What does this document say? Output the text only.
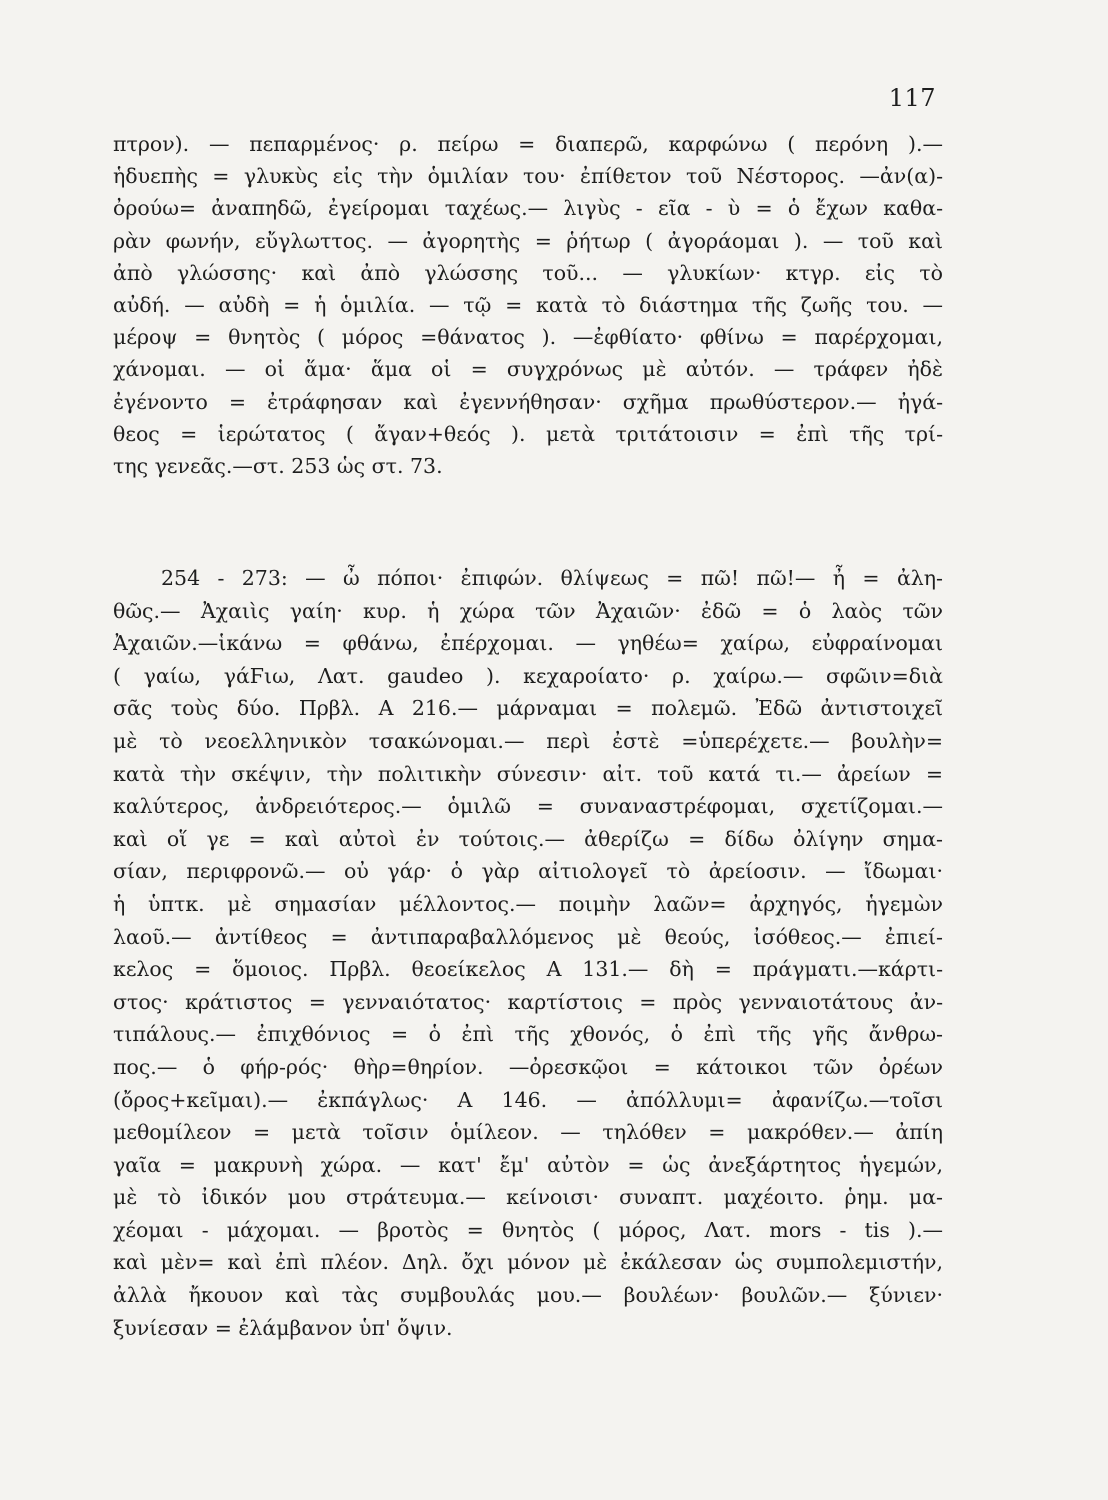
117
πτρον). — πεπαρμένος· ρ. πείρω = διαπερῶ, καρφώνω ( περόνη ).—
ἡδυεπὴς = γλυκὺς εἰς τὴν ὁμιλίαν του· ἐπίθετον τοῦ Νέστορος. —ἀν(α)-
ὀρούω= ἀναπηδῶ, ἐγείρομαι ταχέως.— λιγὺς - εῖα - ὺ = ὁ ἔχων καθα-
ρὰν φωνήν, εὔγλωττος. — ἀγορητὴς = ῥήτωρ ( ἀγοράομαι ). — τοῦ καὶ
ἀπὸ γλώσσης· καὶ ἀπὸ γλώσσης τοῦ... — γλυκίων· κτγρ. εἰς τὸ
αὐδή. — αὐδὴ = ἡ ὁμιλία. — τῷ = κατὰ τὸ διάστημα τῆς ζωῆς του. —
μέροψ = θνητὸς ( μόρος =θάνατος ). —ἐφθίατο· φθίνω = παρέρχομαι,
χάνομαι. — οἱ ἅμα· ἅμα οἱ = συγχρόνως μὲ αὐτόν. — τράφεν ἠδὲ
ἐγένοντο = ἐτράφησαν καὶ ἐγεννήθησαν· σχῆμα πρωθύστερον.— ἠγά-
θεος = ἱερώτατος ( ἄγαν+θεός ). μετὰ τριτάτοισιν = ἐπὶ τῆς τρί-
της γενεᾶς.—στ. 253 ὡς στ. 73.
254 - 273: — ὦ πόποι· ἐπιφών. θλίψεως = πῶ! πῶ!— ἦ = ἀλη-
θῶς.— Ἀχαιὶς γαίη· κυρ. ἡ χώρα τῶν Ἀχαιῶν· ἐδῶ = ὁ λαὸς τῶν
Ἀχαιῶν.—ἱκάνω = φθάνω, ἐπέρχομαι. — γηθέω= χαίρω, εὐφραίνομαι
( γαίω, γάϜιω, Λατ. gaudeo ). κεχαροίατο· ρ. χαίρω.— σφῶιν=διὰ
σᾶς τοὺς δύο. Πρβλ. Α 216.— μάρναμαι = πολεμῶ. Ἐδῶ ἀντιστοιχεῖ
μὲ τὸ νεοελληνικὸν τσακώνομαι.— περὶ ἐστὲ =ὑπερέχετε.— βουλὴν=
κατὰ τὴν σκέψιν, τὴν πολιτικὴν σύνεσιν· αἰτ. τοῦ κατά τι.— ἀρείων =
καλύτερος, ἀνδρειότερος.— ὁμιλῶ = συναναστρέφομαι, σχετίζομαι.—
καὶ οἵ γε = καὶ αὐτοὶ ἐν τούτοις.— ἀθερίζω = δίδω ὀλίγην σημα-
σίαν, περιφρονῶ.— οὐ γάρ· ὁ γὰρ αἰτιολογεῖ τὸ ἀρείοσιν. — ἴδωμαι·
ἡ ὑπτκ. μὲ σημασίαν μέλλοντος.— ποιμὴν λαῶν= ἀρχηγός, ἡγεμὼν
λαοῦ.— ἀντίθεος = ἀντιπαραβαλλόμενος μὲ θεούς, ἰσόθεος.— ἐπιεί-
κελος = ὅμοιος. Πρβλ. θεοείκελος Α 131.— δὴ = πράγματι.—κάρτι-
στος· κράτιστος = γενναιότατος· καρτίστοις = πρὸς γενναιοτάτους ἀν-
τιπάλους.— ἐπιχθόνιος = ὁ ἐπὶ τῆς χθονός, ὁ ἐπὶ τῆς γῆς ἄνθρω-
πος.— ὁ φήρ-ρός· θὴρ=θηρίον. —ὀρεσκῷοι = κάτοικοι τῶν ὀρέων
(ὄρος+κεῖμαι).— ἐκπάγλως· Α 146. — ἀπόλλυμι= ἀφανίζω.—τοῖσι
μεθομίλεον = μετὰ τοῖσιν ὁμίλεον. — τηλόθεν = μακρόθεν.— ἀπίη
γαῖα = μακρυνὴ χώρα. — κατ' ἔμ' αὐτὸν = ὡς ἀνεξάρτητος ἡγεμών,
μὲ τὸ ἰδικόν μου στράτευμα.— κείνοισι· συναπτ. μαχέοιτο. ῥημ. μα-
χέομαι - μάχομαι. — βροτὸς = θνητὸς ( μόρος, Λατ. mors - tis ).—
καὶ μὲν= καὶ ἐπὶ πλέον. Δηλ. ὄχι μόνον μὲ ἐκάλεσαν ὡς συμπολεμιστήν,
ἀλλὰ ἤκουον καὶ τὰς συμβουλάς μου.— βουλέων· βουλῶν.— ξύνιεν·
ξυνίεσαν = ἐλάμβανον ὑπ' ὄψιν.
